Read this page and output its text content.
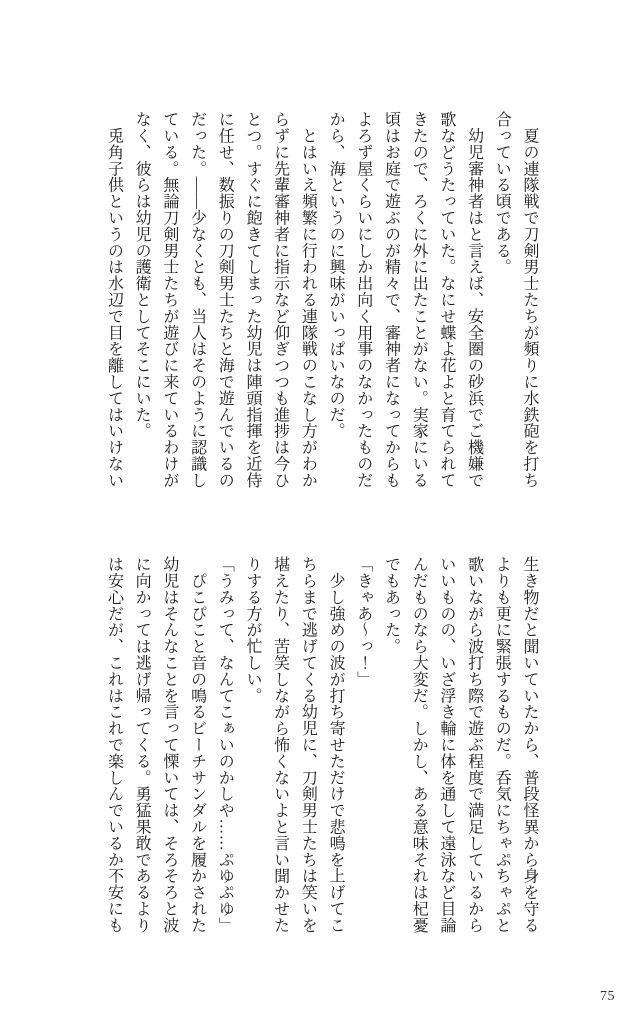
　夏の連隊戦で刀剣男士たちが頻りに水鉄砲を打ち合っている頃である。

　幼児審神者はと言えば、安全圏の砂浜でご機嫌で歌などうたっていた。なにせ蝶よ花よと育てられてきたので、ろくに外に出たことがない。実家にいる頃はお庭で遊ぶのが精々で、審神者になってからもよろず屋くらいにしか出向く用事のなかったものだから、海というのに興味がいっぱいなのだ。

　とはいえ頻繁に行われる連隊戦のこなし方がわからずに先輩審神者に指示など仰ぎつつも進捗は今ひとつ。すぐに飽きてしまった幼児は陣頭指揮を近侍に任せ、数振りの刀剣男士たちと海で遊んでいるのだった。――少なくとも、当人はそのように認識している。無論刀剣男士たちが遊びに来ているわけがなく、彼らは幼児の護衛としてそこにいた。

　兎角子供というのは水辺で目を離してはいけない

生き物だと聞いていたから、普段怪異から身を守るよりも更に緊張するものだ。呑気にちゃぷちゃぷと歌いながら波打ち際で遊ぶ程度で満足しているからいいものの、いざ浮き輪に体を通して遠泳など目論んだものなら大変だ。しかし、ある意味それは杞憂でもあった。

「きゃあ〜っ！」

　少し強めの波が打ち寄せただけで悲鳴を上げてこちらまで逃げてくる幼児に、刀剣男士たちは笑いを堪えたり、苦笑しながら怖くないよと言い聞かせたりする方が忙しい。

「うみって、なんてこぁいのかしや……ぷゆぷゆ」

　ぴこぴこと音の鳴るビーチサンダルを履かされた幼児はそんなことを言って慄いては、そろそろと波に向かっては逃げ帰ってくる。勇猛果敢であるよりは安心だが、これはこれで楽しんでいるか不安にも

75
